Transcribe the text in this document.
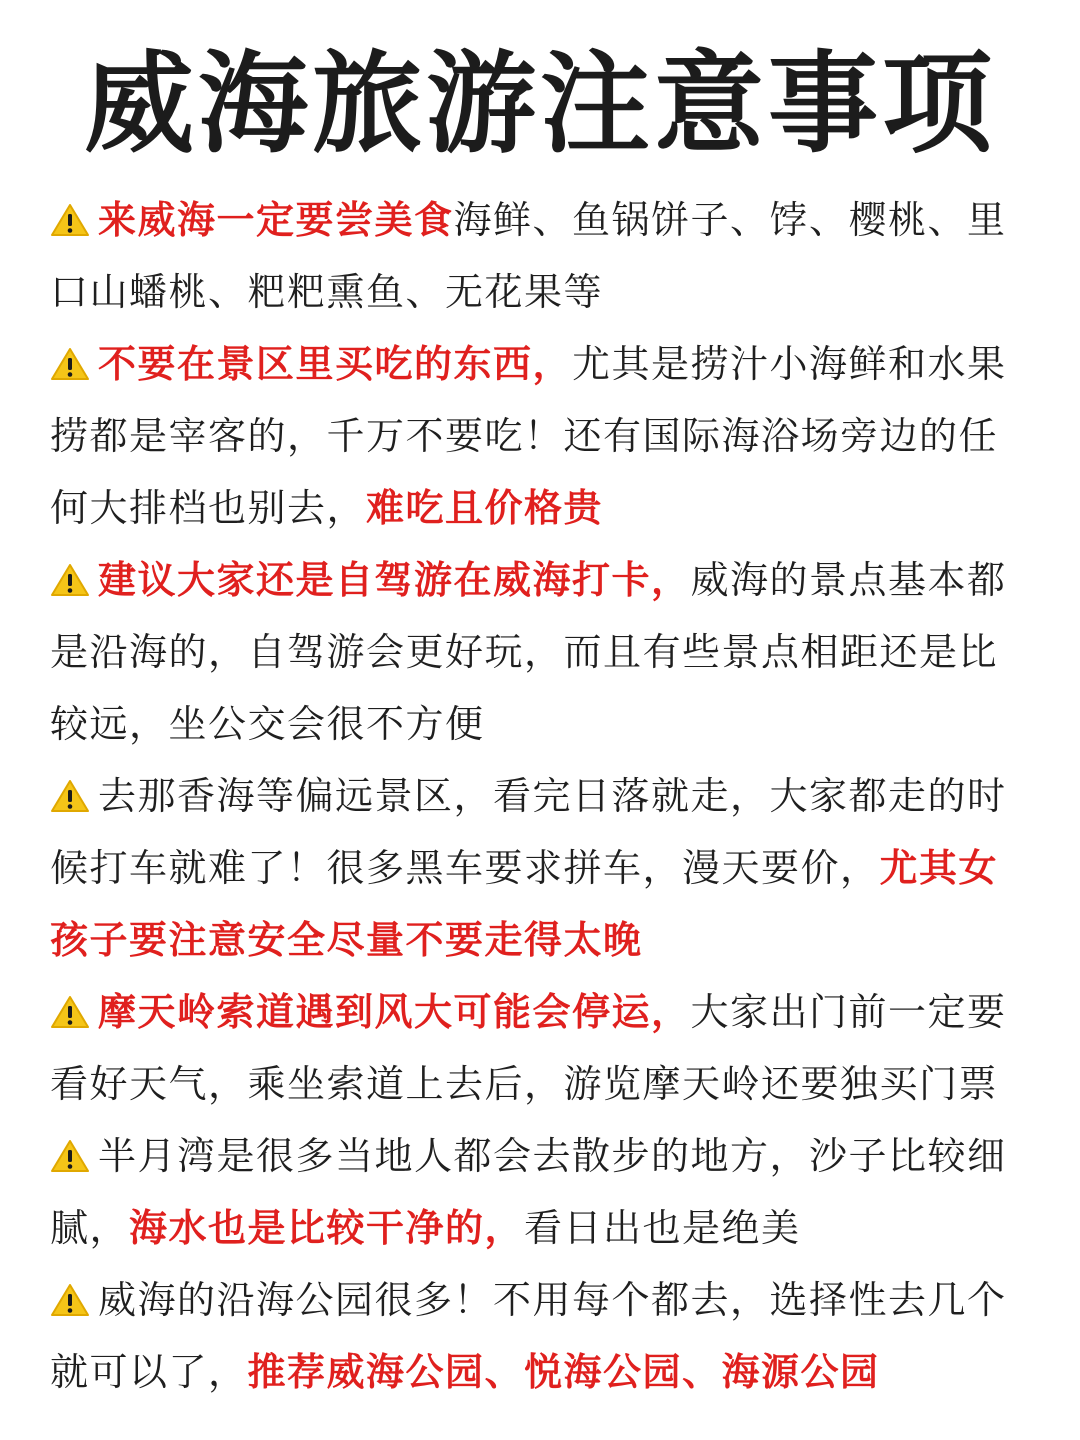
威海旅游注意事项

来威海一定要尝美食海鲜、鱼锅饼子、饽、樱桃、里口山蟠桃、粑粑熏鱼、无花果等

不要在景区里买吃的东西，尤其是捞汁小海鲜和水果捞都是宰客的，千万不要吃！还有国际海浴场旁边的任何大排档也别去，难吃且价格贵

建议大家还是自驾游在威海打卡，威海的景点基本都是沿海的，自驾游会更好玩，而且有些景点相距还是比较远，坐公交会很不方便

去那香海等偏远景区，看完日落就走，大家都走的时候打车就难了！很多黑车要求拼车，漫天要价，尤其女孩子要注意安全尽量不要走得太晚

摩天岭索道遇到风大可能会停运，大家出门前一定要看好天气，乘坐索道上去后，游览摩天岭还要独买门票

半月湾是很多当地人都会去散步的地方，沙子比较细腻，海水也是比较干净的，看日出也是绝美

威海的沿海公园很多！不用每个都去，选择性去几个就可以了，推荐威海公园、悦海公园、海源公园
